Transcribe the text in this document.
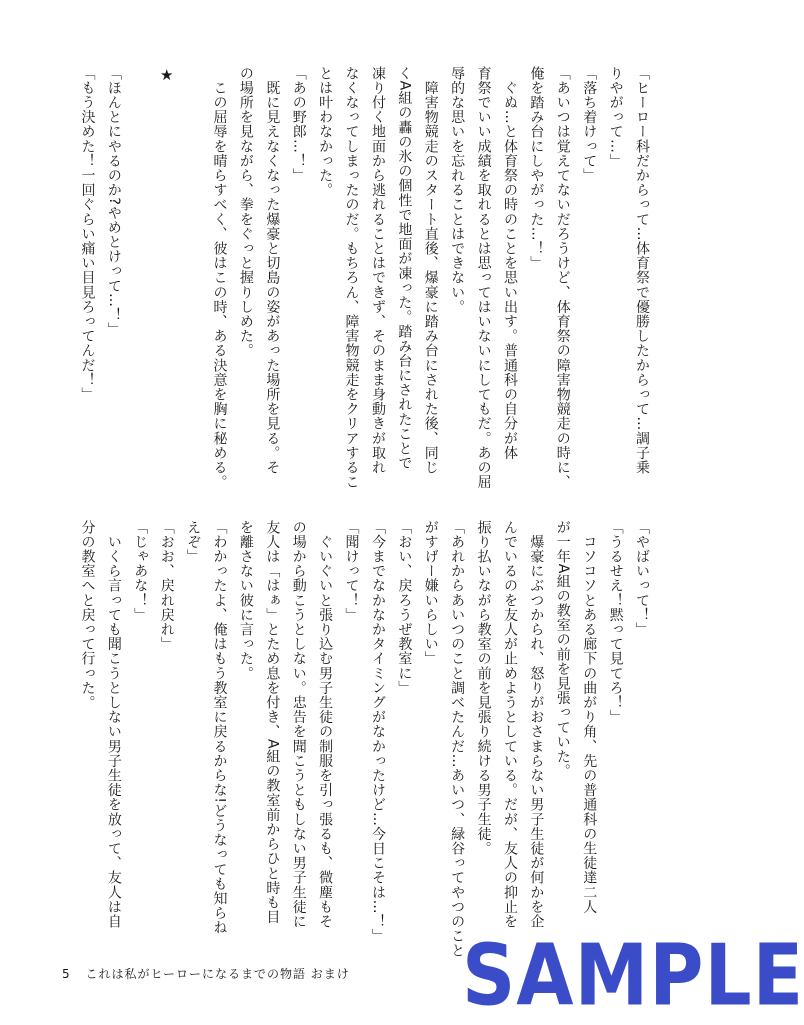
「ヒーロー科だからって…体育祭で優勝したからって…調子乗
りやがって…」
「落ち着けって」
「あいつは覚えてないだろうけど、体育祭の障害物競走の時に、
俺を踏み台にしやがった…！」
　ぐぬ…と体育祭の時のことを思い出す。普通科の自分が体
育祭でいい成績を取れるとは思ってはいないにしてもだ。あの屈
辱的な思いを忘れることはできない。
　障害物競走のスタート直後、爆豪に踏み台にされた後、同じ
くA組の轟の氷の個性で地面が凍った。踏み台にされたことで
凍り付く地面から逃れることはできず、そのまま身動きが取れ
なくなってしまったのだ。もちろん、障害物競走をクリアするこ
とは叶わなかった。
「あの野郎…！」
　既に見えなくなった爆豪と切島の姿があった場所を見る。そ
の場所を見ながら、拳をぐっと握りしめた。
　この屈辱を晴らすべく、彼はこの時、ある決意を胸に秘める。
★
「ほんとにやるのか?やめとけって…！」
「もう決めた！一回ぐらい痛い目見ろってんだ！」
「やばいって！」
「うるせえ！黙って見てろ！」
　コソコソとある廊下の曲がり角、先の普通科の生徒達二人
が一年A組の教室の前を見張っていた。
　爆豪にぶつかられ、怒りがおさまらない男子生徒が何かを企
んでいるのを友人が止めようとしている。だが、友人の抑止を
振り払いながら教室の前を見張り続ける男子生徒。
「あれからあいつのこと調べたんだ…あいつ、緑谷ってやつのこと
がすげー嫌いらしい」
「おい、戻ろうぜ教室に」
「今までなかなかタイミングがなかったけど…今日こそは…！」
「聞けって！」
　ぐいぐいと張り込む男子生徒の制服を引っ張るも、微塵もそ
の場から動こうとしない。忠告を聞こうともしない男子生徒に
友人は「はぁ」とため息を付き、A組の教室前からひと時も目
を離さない彼に言った。
「わかったよ、俺はもう教室に戻るからな!どうなっても知らね
えぞ」
「おお、戻れ戻れ」
「じゃあな！」
　いくら言っても聞こうとしない男子生徒を放って、友人は自
分の教室へと戻って行った。
5 これは私がヒーローになるまでの物語 おまけ SAMPLE
